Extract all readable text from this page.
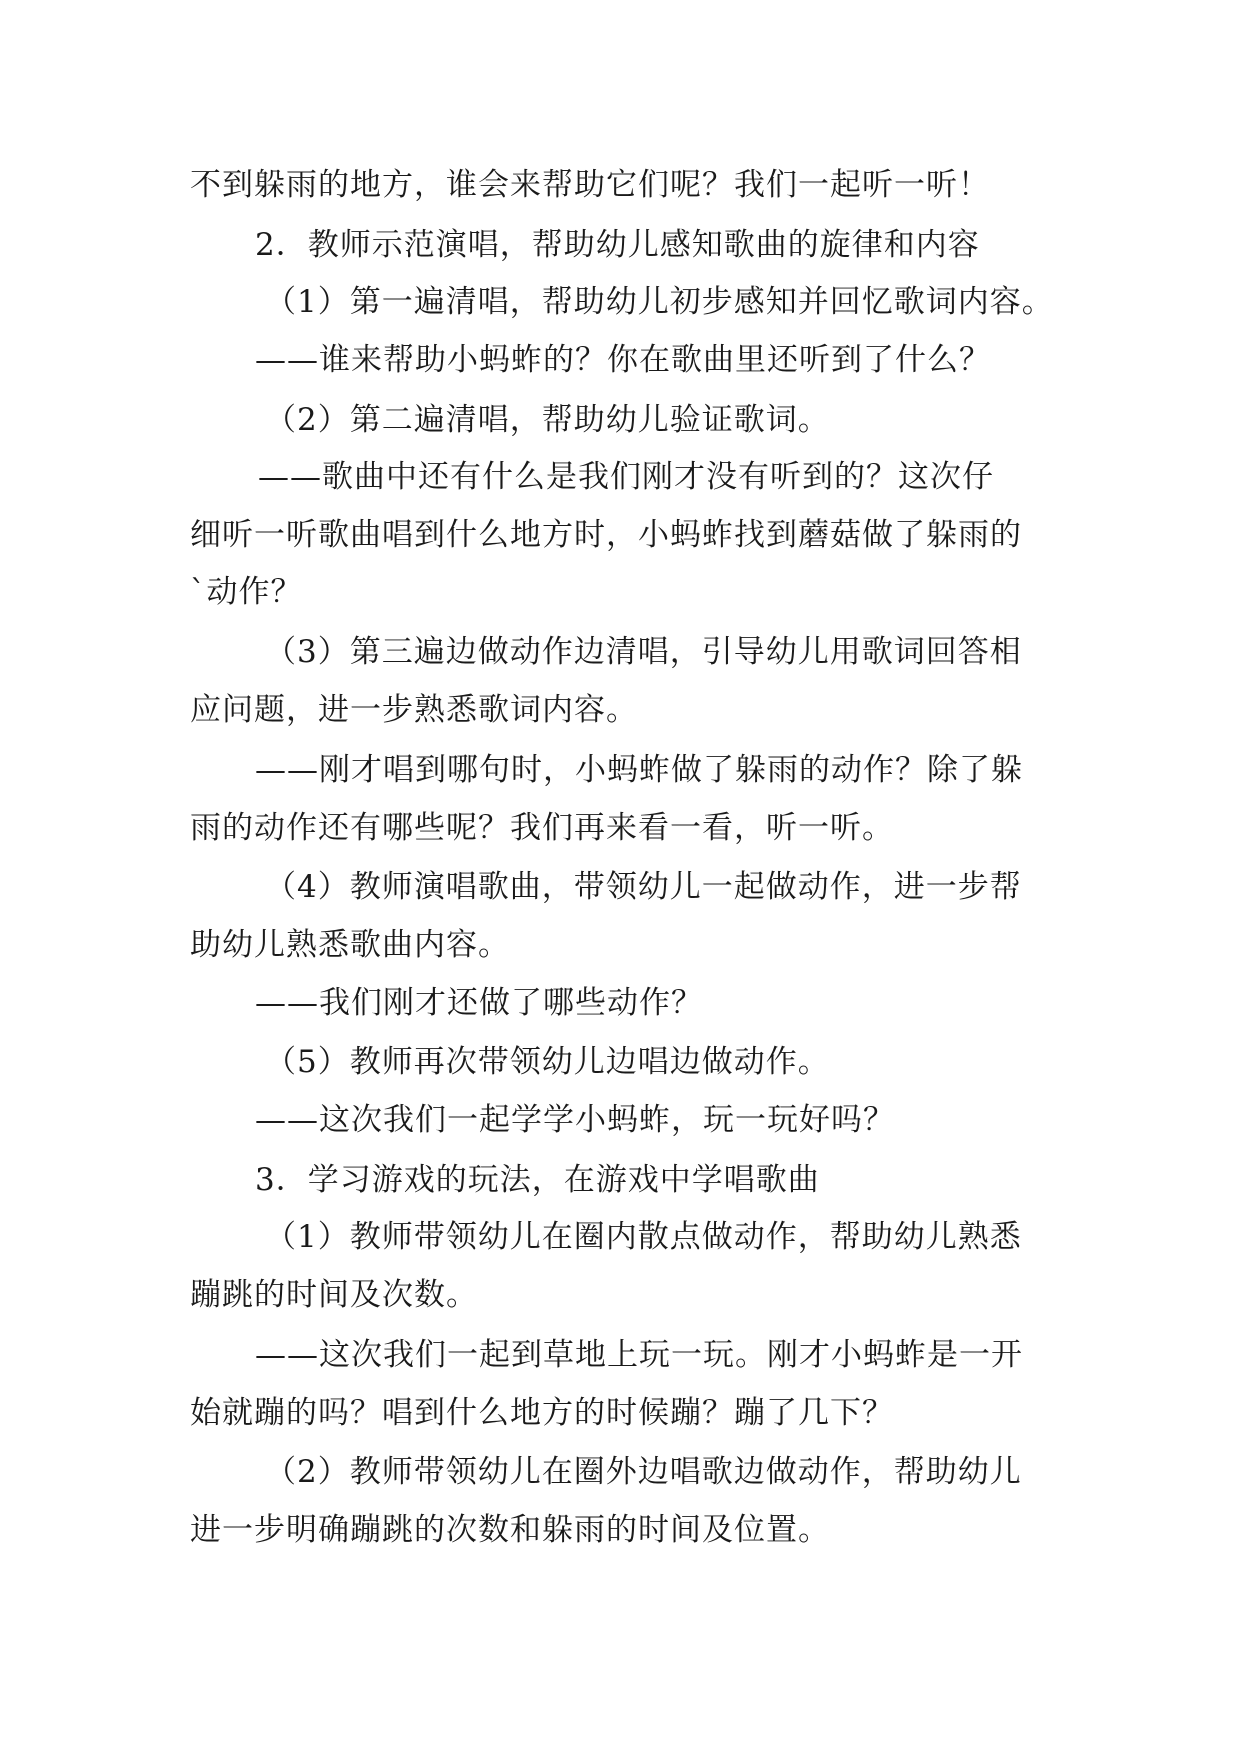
不到躲雨的地方，谁会来帮助它们呢？我们一起听一听！
2．教师示范演唱，帮助幼儿感知歌曲的旋律和内容
（1）第一遍清唱，帮助幼儿初步感知并回忆歌词内容。
——谁来帮助小蚂蚱的？你在歌曲里还听到了什么？
（2）第二遍清唱，帮助幼儿验证歌词。
——歌曲中还有什么是我们刚才没有听到的？这次仔
细听一听歌曲唱到什么地方时，小蚂蚱找到蘑菇做了躲雨的
`动作？
（3）第三遍边做动作边清唱，引导幼儿用歌词回答相
应问题，进一步熟悉歌词内容。
——刚才唱到哪句时，小蚂蚱做了躲雨的动作？除了躲
雨的动作还有哪些呢？我们再来看一看，听一听。
（4）教师演唱歌曲，带领幼儿一起做动作，进一步帮
助幼儿熟悉歌曲内容。
——我们刚才还做了哪些动作？
（5）教师再次带领幼儿边唱边做动作。
——这次我们一起学学小蚂蚱，玩一玩好吗？
3．学习游戏的玩法，在游戏中学唱歌曲
（1）教师带领幼儿在圈内散点做动作，帮助幼儿熟悉
蹦跳的时间及次数。
——这次我们一起到草地上玩一玩。刚才小蚂蚱是一开
始就蹦的吗？唱到什么地方的时候蹦？蹦了几下？
（2）教师带领幼儿在圈外边唱歌边做动作，帮助幼儿
进一步明确蹦跳的次数和躲雨的时间及位置。
